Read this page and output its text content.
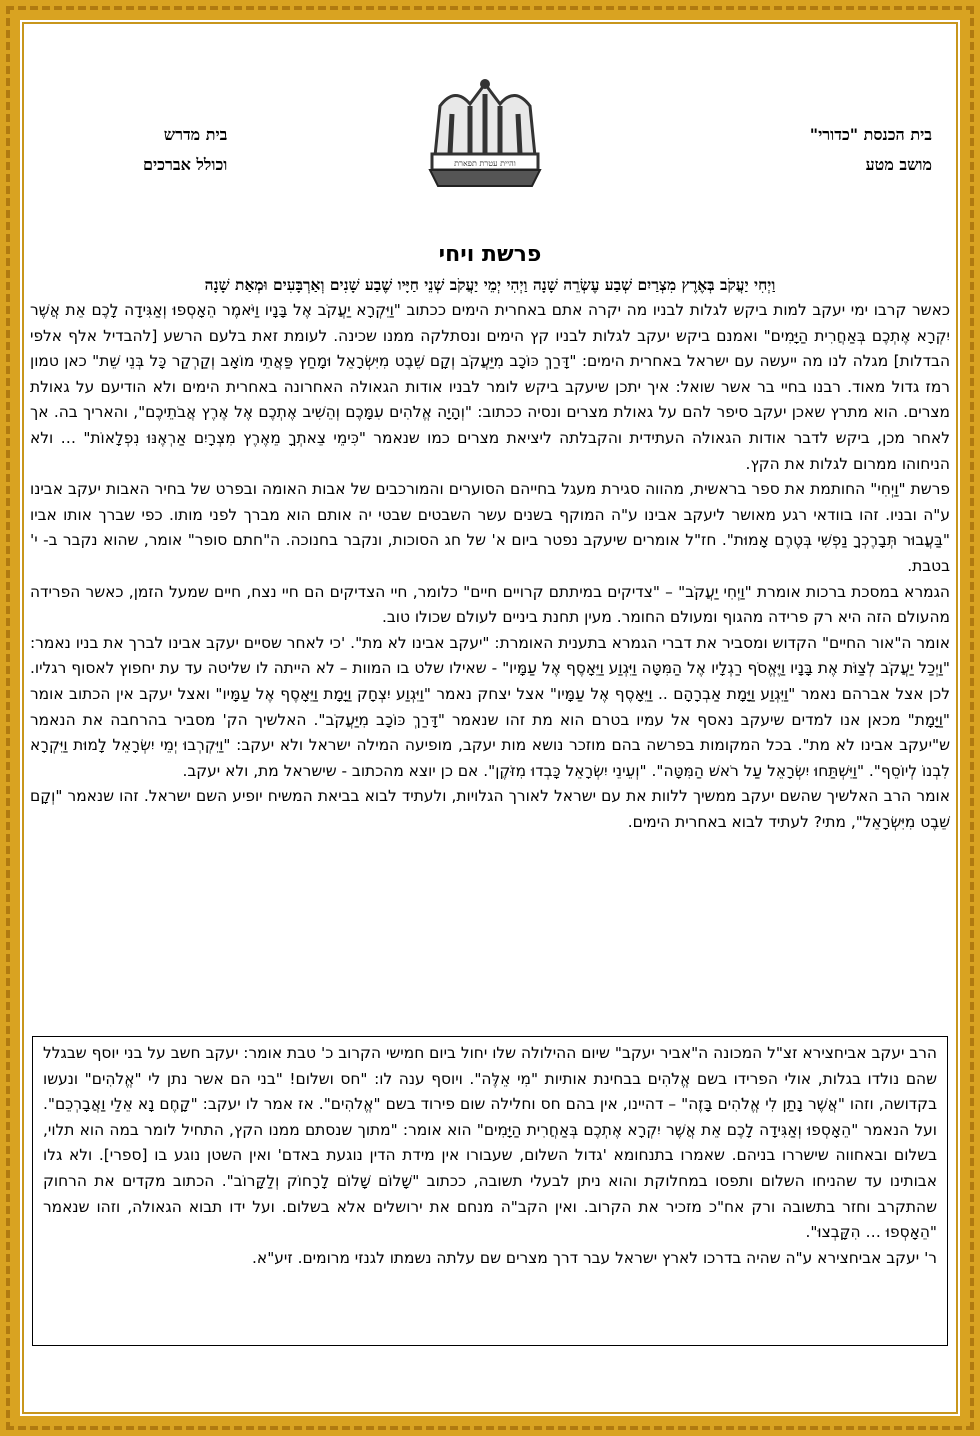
בית הכנסת "כדורי"
מושב מטע
והיית עטרת תפארת
בית מדרש
וכולל אברכים
פרשת ויחי
וַיְחִי יַעֲקֹב בְּאֶרֶץ מִצְרַיִם שְׁבַע עֶשְׂרֵה שָׁנָה וַיְהִי יְמֵי יַעֲקֹב שְׁנֵי חַיָּיו שֶׁבַע שָׁנִים וְאַרְבָּעִים וּמְאַת שָׁנָה

כאשר קרבו ימי יעקב למות ביקש לגלות לבניו מה יקרה אתם באחרית הימים ככתוב "וַיִּקְרָא יַעֲקֹב אֶל בָּנָיו וַיֹּאמֶר הֵאָסְפוּ וְאַגִּידָה לָכֶם אֵת אֲשֶׁר יִקְרָא אֶתְכֶם בְּאַחֲרִית הַיָּמִים" ואמנם ביקש יעקב לגלות לבניו קץ הימים ונסתלקה ממנו שכינה. לעומת זאת בלעם הרשע [להבדיל אלף אלפי הבדלות] מגלה לנו מה ייעשה עם ישראל באחרית הימים: "דָּרַךְ כּוֹכָב מִיַּעֲקֹב וְקָם שֵׁבֶט מִיִּשְׂרָאֵל וּמָחַץ פַּאֲתֵי מוֹאָב וְקַרְקַר כָּל בְּנֵי שֵׁת" כאן טמון רמז גדול מאוד. רבנו בחיי בר אשר שואל: איך יתכן שיעקב ביקש לומר לבניו אודות הגאולה האחרונה באחרית הימים ולא הודיעם על גאולת מצרים. הוא מתרץ שאכן יעקב סיפר להם על גאולת מצרים ונסיה ככתוב: "וְהָיָה אֱלֹהִים עִמָּכֶם וְהֵשִׁיב אֶתְכֶם אֶל אֶרֶץ אֲבֹתֵיכֶם", והאריך בה. אך לאחר מכן, ביקש לדבר אודות הגאולה העתידית והקבלתה ליציאת מצרים כמו שנאמר "כִּימֵי צֵאתְךָ מֵאֶרֶץ מִצְרָיִם אַרְאֶנּוּ נִפְלָאוֹת" … ולא הניחוהו ממרום לגלות את הקץ.

פרשת "וַיְחִי" החותמת את ספר בראשית, מהווה סגירת מעגל בחייהם הסוערים והמורכבים של אבות האומה ובפרט של בחיר האבות יעקב אבינו ע"ה ובניו. זהו בוודאי רגע מאושר ליעקב אבינו ע"ה המוקף בשנים עשר השבטים שבטי יה אותם הוא מברך לפני מותו. כפי שברך אותו אביו "בַּעֲבוּר תְּבָרֶכְךָ נַפְשִׁי בְּטֶרֶם אָמוּת". חז"ל אומרים שיעקב נפטר ביום א' של חג הסוכות, ונקבר בחנוכה. ה"חתם סופר" אומר, שהוא נקבר ב- י' בטבת.

הגמרא במסכת ברכות אומרת "וַיְחִי יַעֲקֹב" – "צדיקים במיתתם קרויים חיים" כלומר, חיי הצדיקים הם חיי נצח, חיים שמעל הזמן, כאשר הפרידה מהעולם הזה היא רק פרידה מהגוף ומעולם החומר. מעין תחנת ביניים לעולם שכולו טוב.

אומר ה"אור החיים" הקדוש ומסביר את דברי הגמרא בתענית האומרת: "יעקב אבינו לא מת". 'כי לאחר שסיים יעקב אבינו לברך את בניו נאמר: "וַיְכַל יַעֲקֹב לְצַוֹּת אֶת בָּנָיו וַיֶּאֱסֹף רַגְלָיו אֶל הַמִּטָּה וַיִּגְוַע וַיֵּאָסֶף אֶל עַמָּיו" - שאילו שלט בו המוות – לא הייתה לו שליטה עד עת יחפוץ לאסוף רגליו. לכן אצל אברהם נאמר "וַיִּגְוַע וַיָּמָת אַבְרָהָם .. וַיֵּאָסֶף אֶל עַמָּיו" אצל יצחק נאמר "וַיִּגְוַע יִצְחָק וַיָּמָת וַיֵּאָסֶף אֶל עַמָּיו" ואצל יעקב אין הכתוב אומר "וַיָּמָת" מכאן אנו למדים שיעקב נאסף אל עמיו בטרם הוא מת זהו שנאמר "דָּרַךְ כּוֹכָב מִיַּעֲקֹב". האלשיך הק' מסביר בהרחבה את הנאמר ש"יעקב אבינו לא מת". בכל המקומות בפרשה בהם מוזכר נושא מות יעקב, מופיעה המילה ישראל ולא יעקב: "וַיִּקְרְבוּ יְמֵי יִשְׂרָאֵל לָמוּת וַיִּקְרָא לִבְנוֹ לְיוֹסֵף". "וַיִּשְׁתַּחוּ יִשְׂרָאֵל עַל רֹאשׁ הַמִּטָּה". "וְעֵינֵי יִשְׂרָאֵל כָּבְדוּ מִזֹּקֶן". אם כן יוצא מהכתוב - שישראל מת, ולא יעקב.

אומר הרב האלשיך שהשם יעקב ממשיך ללוות את עם ישראל לאורך הגלויות, ולעתיד לבוא בביאת המשיח יופיע השם ישראל. זהו שנאמר "וְקָם שֵׁבֶט מִיִּשְׂרָאֵל", מתי? לעתיד לבוא באחרית הימים.

הרב יעקב אביחצירא זצ"ל המכונה ה"אביר יעקב" שיום ההילולה שלו יחול ביום חמישי הקרוב כ' טבת אומר: יעקב חשב על בני יוסף שבגלל שהם נולדו בגלות, אולי הפרידו בשם אֱלֹהִים בבחינת אותיות "מִי אֵלֶּה". ויוסף ענה לו: "חס ושלום! "בני הם אשר נתן לי "אֱלֹהִים" ונעשו בקדושה, וזהו "אֲשֶׁר נָתַן לִי אֱלֹהִים בָּזֶה" – דהיינו, אין בהם חס וחלילה שום פירוד בשם "אֱלֹהִים". אז אמר לו יעקב: "קָחֶם נָא אֵלַי וַאֲבָרְכֵם". ועל הנאמר "הֵאָסְפוּ וְאַגִּידָה לָכֶם אֵת אֲשֶׁר יִקְרָא אֶתְכֶם בְּאַחֲרִית הַיָּמִים" הוא אומר: "מתוך שנסתם ממנו הקץ, התחיל לומר במה הוא תלוי, בשלום ובאחווה שישררו בניהם. שאמרו בתנחומא 'גדול השלום, שעבורו אין מידת הדין נוגעת באדם' ואין השטן נוגע בו [ספרי]. ולא גלו אבותינו עד שהניחו השלום ותפסו במחלוקת והוא ניתן לבעלי תשובה, ככתוב "שָׁלוֹם שָׁלוֹם לָרָחוֹק וְלַקָּרוֹב". הכתוב מקדים את הרחוק שהתקרב וחזר בתשובה ורק אח"כ מזכיר את הקרוב. ואין הקב"ה מנחם את ירושלים אלא בשלום. ועל ידו תבוא הגאולה, וזהו שנאמר "הֵאָסְפוּ … הִקָּבְצוּ".

ר' יעקב אביחצירא ע"ה שהיה בדרכו לארץ ישראל עבר דרך מצרים שם עלתה נשמתו לגנזי מרומים. זיע"א.
